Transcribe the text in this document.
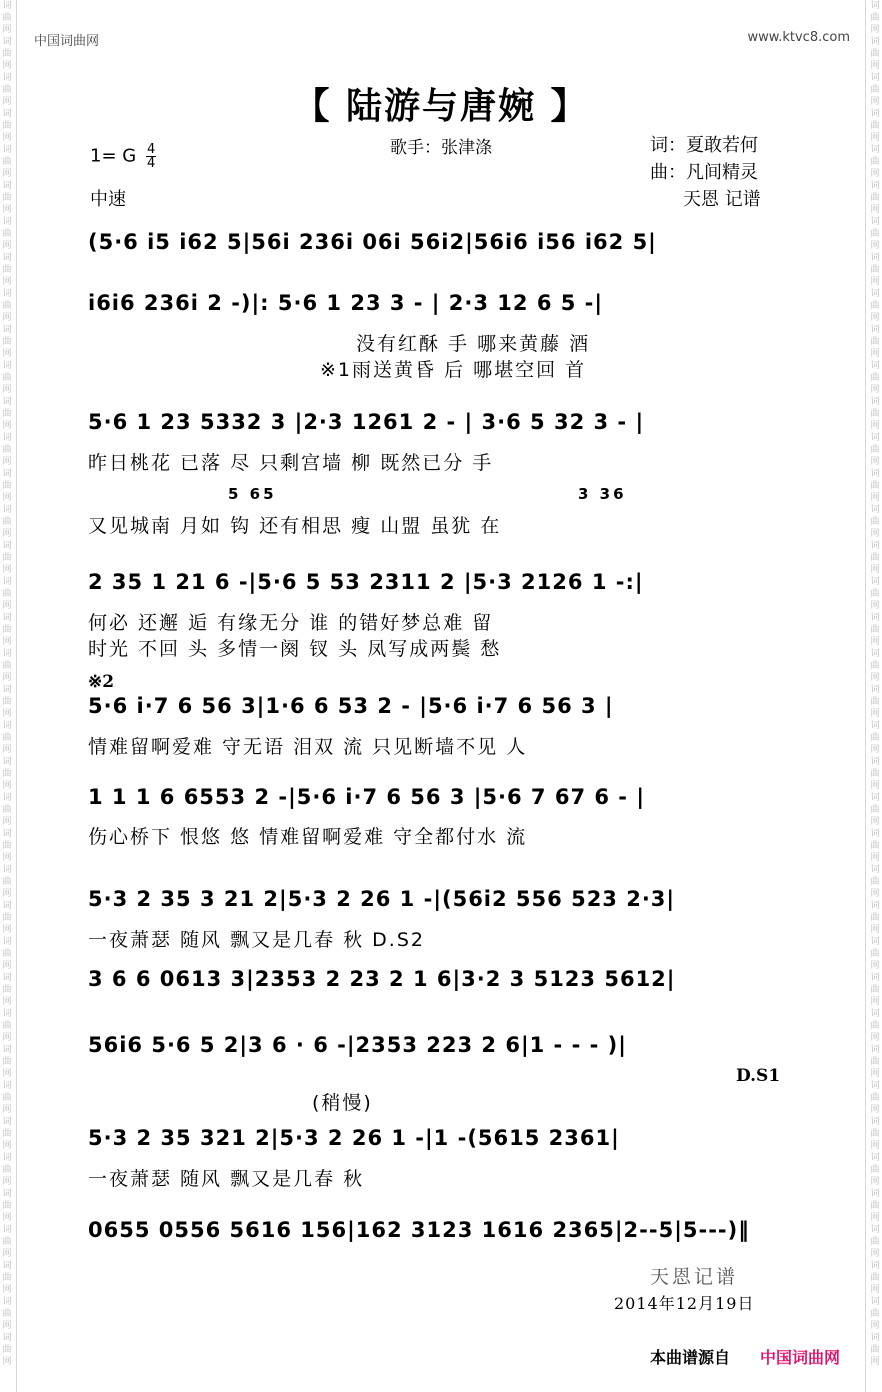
词曲网
词曲网
词曲网
词曲网
词曲网
词曲网
词曲网
词曲网
词曲网
词曲网
词曲网
词曲网
词曲网
词曲网
词曲网
词曲网
词曲网
词曲网
词曲网
词曲网
词曲网
词曲网
词曲网
词曲网
词曲网
词曲网
词曲网
词曲网
词曲网
词曲网
词曲网
词曲网
词曲网
词曲网
词曲网
词曲网
词曲网
词曲网
词曲网
词曲网
词曲网
词曲网
词曲网
词曲网
词曲网
词曲网
词曲网
词曲网
词曲网
词曲网
词曲网
词曲网
词曲网
词曲网
词曲网
词曲网
词曲网
词曲网
词曲网
词曲网
词曲网
词曲网
词曲网
词曲网
词曲网
词曲网
词曲网
词曲网
词曲网
词曲网
词曲网
词曲网
词曲网
词曲网
词曲网
词曲网
中国词曲网	www.ktvc8.com
【 陆游与唐婉 】
歌手：张津涤	词：夏敢若何
曲：凡间精灵
天恩 记谱
1= G $\frac{4}{4}$
中速
(5·6 i5 i62 5|56i 236i 06i 56i2|56i6 i56 i62 5|
i6i6 236i 2 -)|: 5·6 1 23 3 - | 2·3 12 6 5 -|
没有红酥 手 哪来黄藤 酒
※1雨送黄昏 后 哪堪空回 首
5·6 1 23 5332 3 |2·3 1261 2 - | 3·6 5 32 3 - |
昨日桃花 已落 尽 只剩宫墙 柳 既然已分 手
5 65	3 36
又见城南 月如 钩 还有相思 瘦 山盟 虽犹 在
2 35 1 21 6 -|5·6 5 53 2311 2 |5·3 2126 1 -:|
何必 还邂 逅 有缘无分 谁 的错好梦总难 留
时光 不回 头 多情一阕 钗 头 凤写成两鬓 愁
※2
5·6 i·7 6 56 3|1·6 6 53 2 - |5·6 i·7 6 56 3 |
情难留啊爱难 守无语 泪双 流 只见断墙不见 人
1 1 1 6 6553 2 -|5·6 i·7 6 56 3 |5·6 7 67 6 - |
伤心桥下 恨悠 悠 情难留啊爱难 守全都付水 流
5·3 2 35 3 21 2|5·3 2 26 1 -|(56i2 556 523 2·3|
一夜萧瑟 随风 飘又是几春 秋 D.S2
3 6 6 0613 3|2353 2 23 2 1 6|3·2 3 5123 5612|
56i6 5·6 5 2|3 6 · 6 -|2353 223 2 6|1 - - - )|
D.S1
(稍慢)
5·3 2 35 321 2|5·3 2 26 1 -|1 -(5615 2361|
一夜萧瑟 随风 飘又是几春 秋
0655 0556 5616 156|162 3123 1616 2365|2--5|5---)‖
天恩记谱
2014年12月19日
本曲谱源自 中国词曲网
